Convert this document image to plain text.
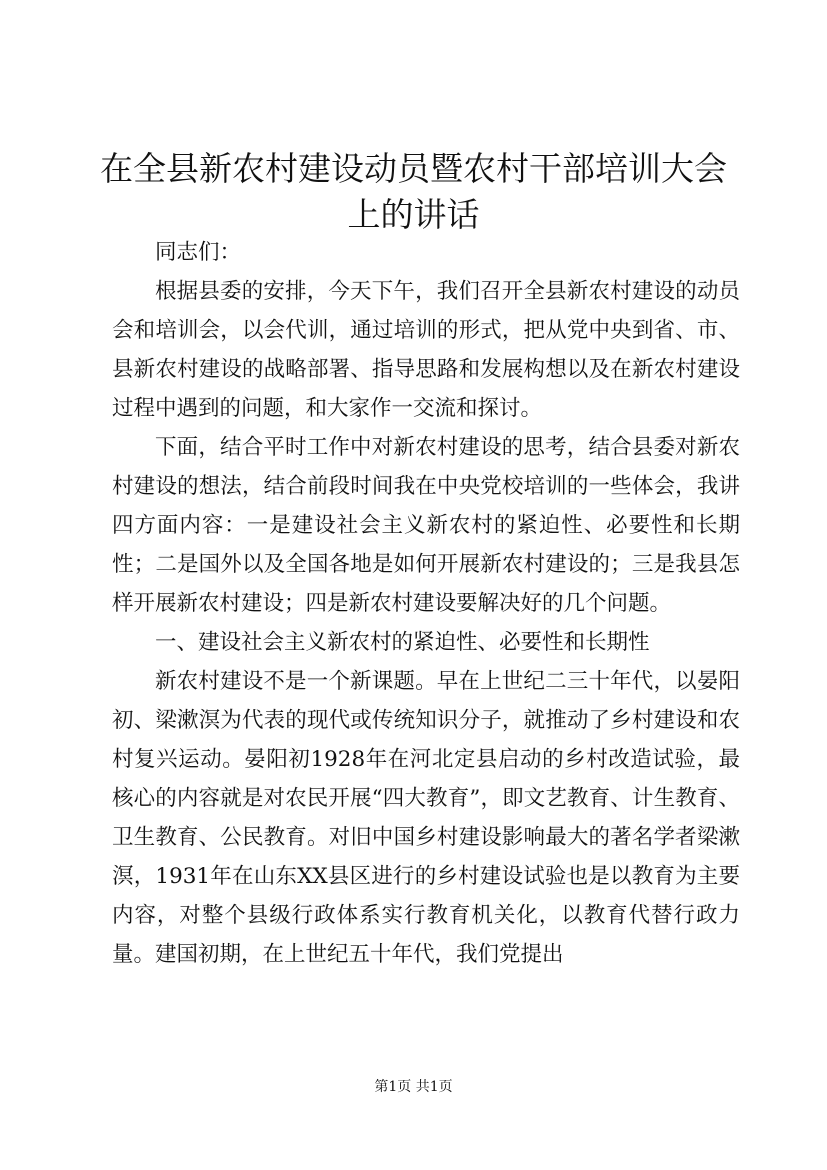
在全县新农村建设动员暨农村干部培训大会上的讲话

同志们：

根据县委的安排，今天下午，我们召开全县新农村建设的动员会和培训会，以会代训，通过培训的形式，把从党中央到省、市、县新农村建设的战略部署、指导思路和发展构想以及在新农村建设过程中遇到的问题，和大家作一交流和探讨。

下面，结合平时工作中对新农村建设的思考，结合县委对新农村建设的想法，结合前段时间我在中央党校培训的一些体会，我讲四方面内容：一是建设社会主义新农村的紧迫性、必要性和长期性；二是国外以及全国各地是如何开展新农村建设的；三是我县怎样开展新农村建设；四是新农村建设要解决好的几个问题。

一、建设社会主义新农村的紧迫性、必要性和长期性

新农村建设不是一个新课题。早在上世纪二三十年代，以晏阳初、梁漱溟为代表的现代或传统知识分子，就推动了乡村建设和农村复兴运动。晏阳初1928年在河北定县启动的乡村改造试验，最核心的内容就是对农民开展“四大教育”，即文艺教育、计生教育、卫生教育、公民教育。对旧中国乡村建设影响最大的著名学者梁漱溟，1931年在山东XX县区进行的乡村建设试验也是以教育为主要内容，对整个县级行政体系实行教育机关化，以教育代替行政力量。建国初期，在上世纪五十年代，我们党提出

第1页 共1页
